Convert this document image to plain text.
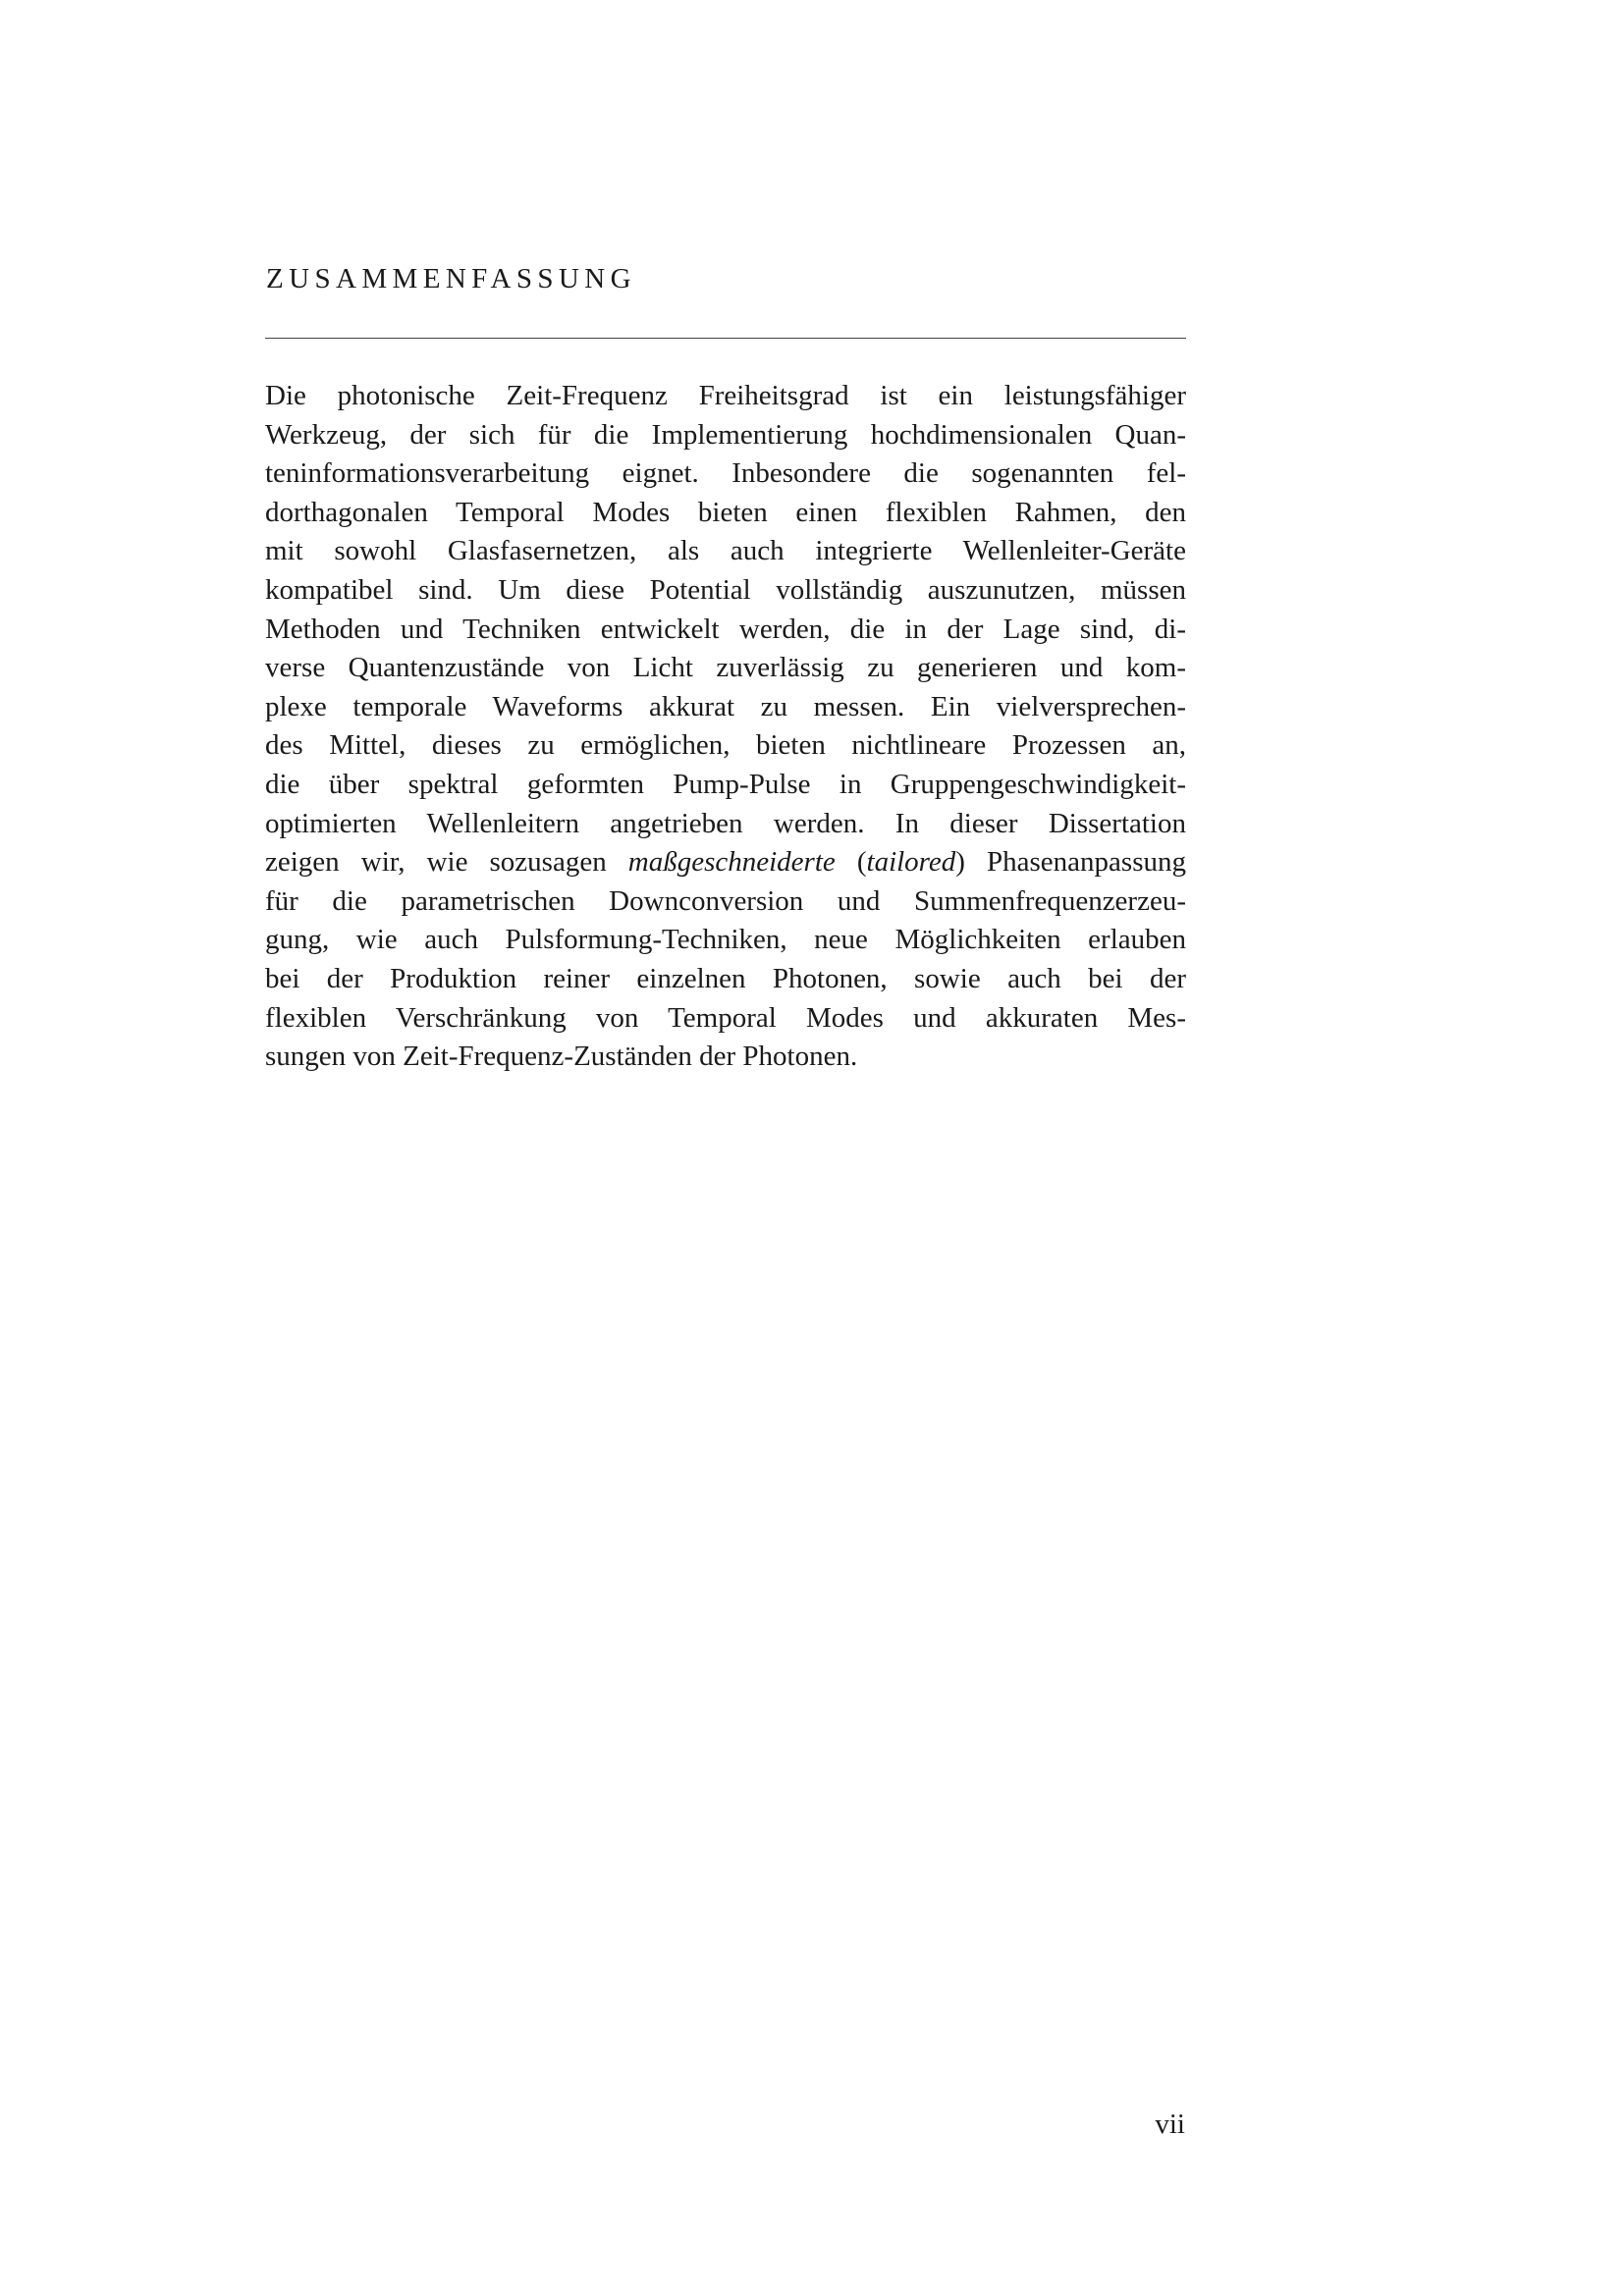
ZUSAMMENFASSUNG

Die photonische Zeit-Frequenz Freiheitsgrad ist ein leistungsfähiger
Werkzeug, der sich für die Implementierung hochdimensionalen Quan-
teninformationsverarbeitung eignet. Inbesondere die sogenannten fel-
dorthagonalen Temporal Modes bieten einen flexiblen Rahmen, den
mit sowohl Glasfasernetzen, als auch integrierte Wellenleiter-Geräte
kompatibel sind. Um diese Potential vollständig auszunutzen, müssen
Methoden und Techniken entwickelt werden, die in der Lage sind, di-
verse Quantenzustände von Licht zuverlässig zu generieren und kom-
plexe temporale Waveforms akkurat zu messen. Ein vielversprechen-
des Mittel, dieses zu ermöglichen, bieten nichtlineare Prozessen an,
die über spektral geformten Pump-Pulse in Gruppengeschwindigkeit-
optimierten Wellenleitern angetrieben werden. In dieser Dissertation
zeigen wir, wie sozusagen maßgeschneiderte (tailored) Phasenanpassung
für die parametrischen Downconversion und Summenfrequenzerzeu-
gung, wie auch Pulsformung-Techniken, neue Möglichkeiten erlauben
bei der Produktion reiner einzelnen Photonen, sowie auch bei der
flexiblen Verschränkung von Temporal Modes und akkuraten Mes-
sungen von Zeit-Frequenz-Zuständen der Photonen.

vii
